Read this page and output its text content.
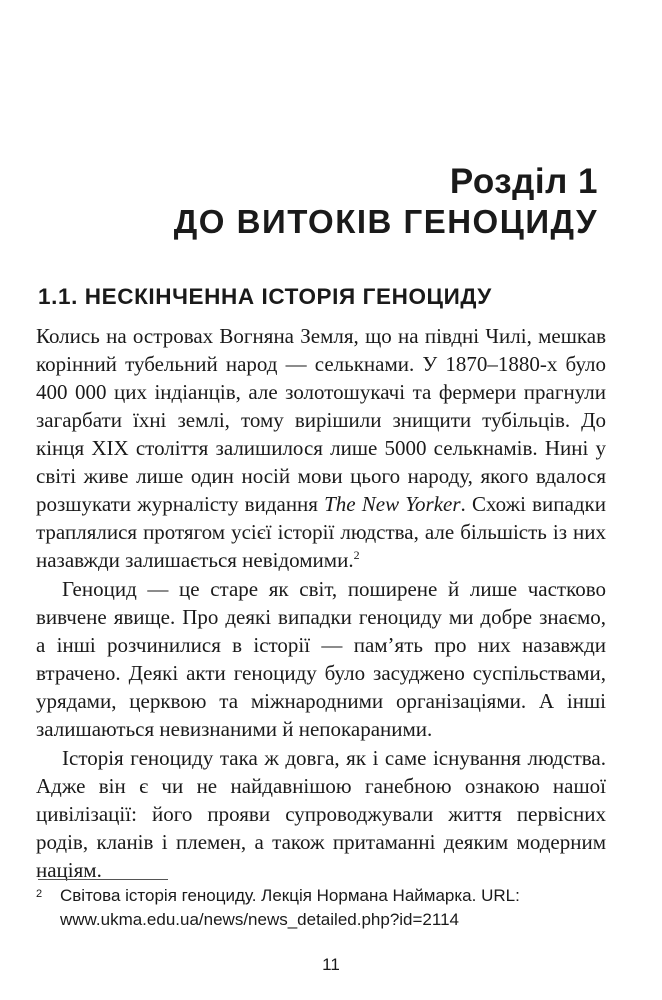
Розділ 1
ДО ВИТОКІВ ГЕНОЦИДУ
1.1. НЕСКІНЧЕННА ІСТОРІЯ ГЕНОЦИДУ

Колись на островах Вогняна Земля, що на півдні Чилі, мешкав корінний тубельний народ — селькнами. У 1870–1880-х було 400 000 цих індіанців, але золотошукачі та фермери прагнули загарбати їхні землі, тому вирішили знищити тубільців. До кінця XIX століття залишилося лише 5000 селькнамів. Нині у світі живе лише один носій мови цього народу, якого вдалося розшукати журналісту видання The New Yorker. Схожі випадки траплялися протягом усієї історії людства, але більшість із них назавжди залишається невідомими.$^2$

Геноцид — це старе як світ, поширене й лише частково вивчене явище. Про деякі випадки геноциду ми добре знаємо, а інші розчинилися в історії — пам’ять про них назавжди втрачено. Деякі акти геноциду було засуджено суспільствами, урядами, церквою та міжнародними організаціями. А інші залишаються невизнаними й непокараними.

Історія геноциду така ж довга, як і саме існування людства. Адже він є чи не найдавнішою ганебною ознакою нашої цивілізації: його прояви супроводжували життя первісних родів, кланів і племен, а також притаманні деяким модерним націям.

2	Світова історія геноциду. Лекція Нормана Наймарка. URL: www.ukma.edu.ua/news/news_detailed.php?id=2114
11
